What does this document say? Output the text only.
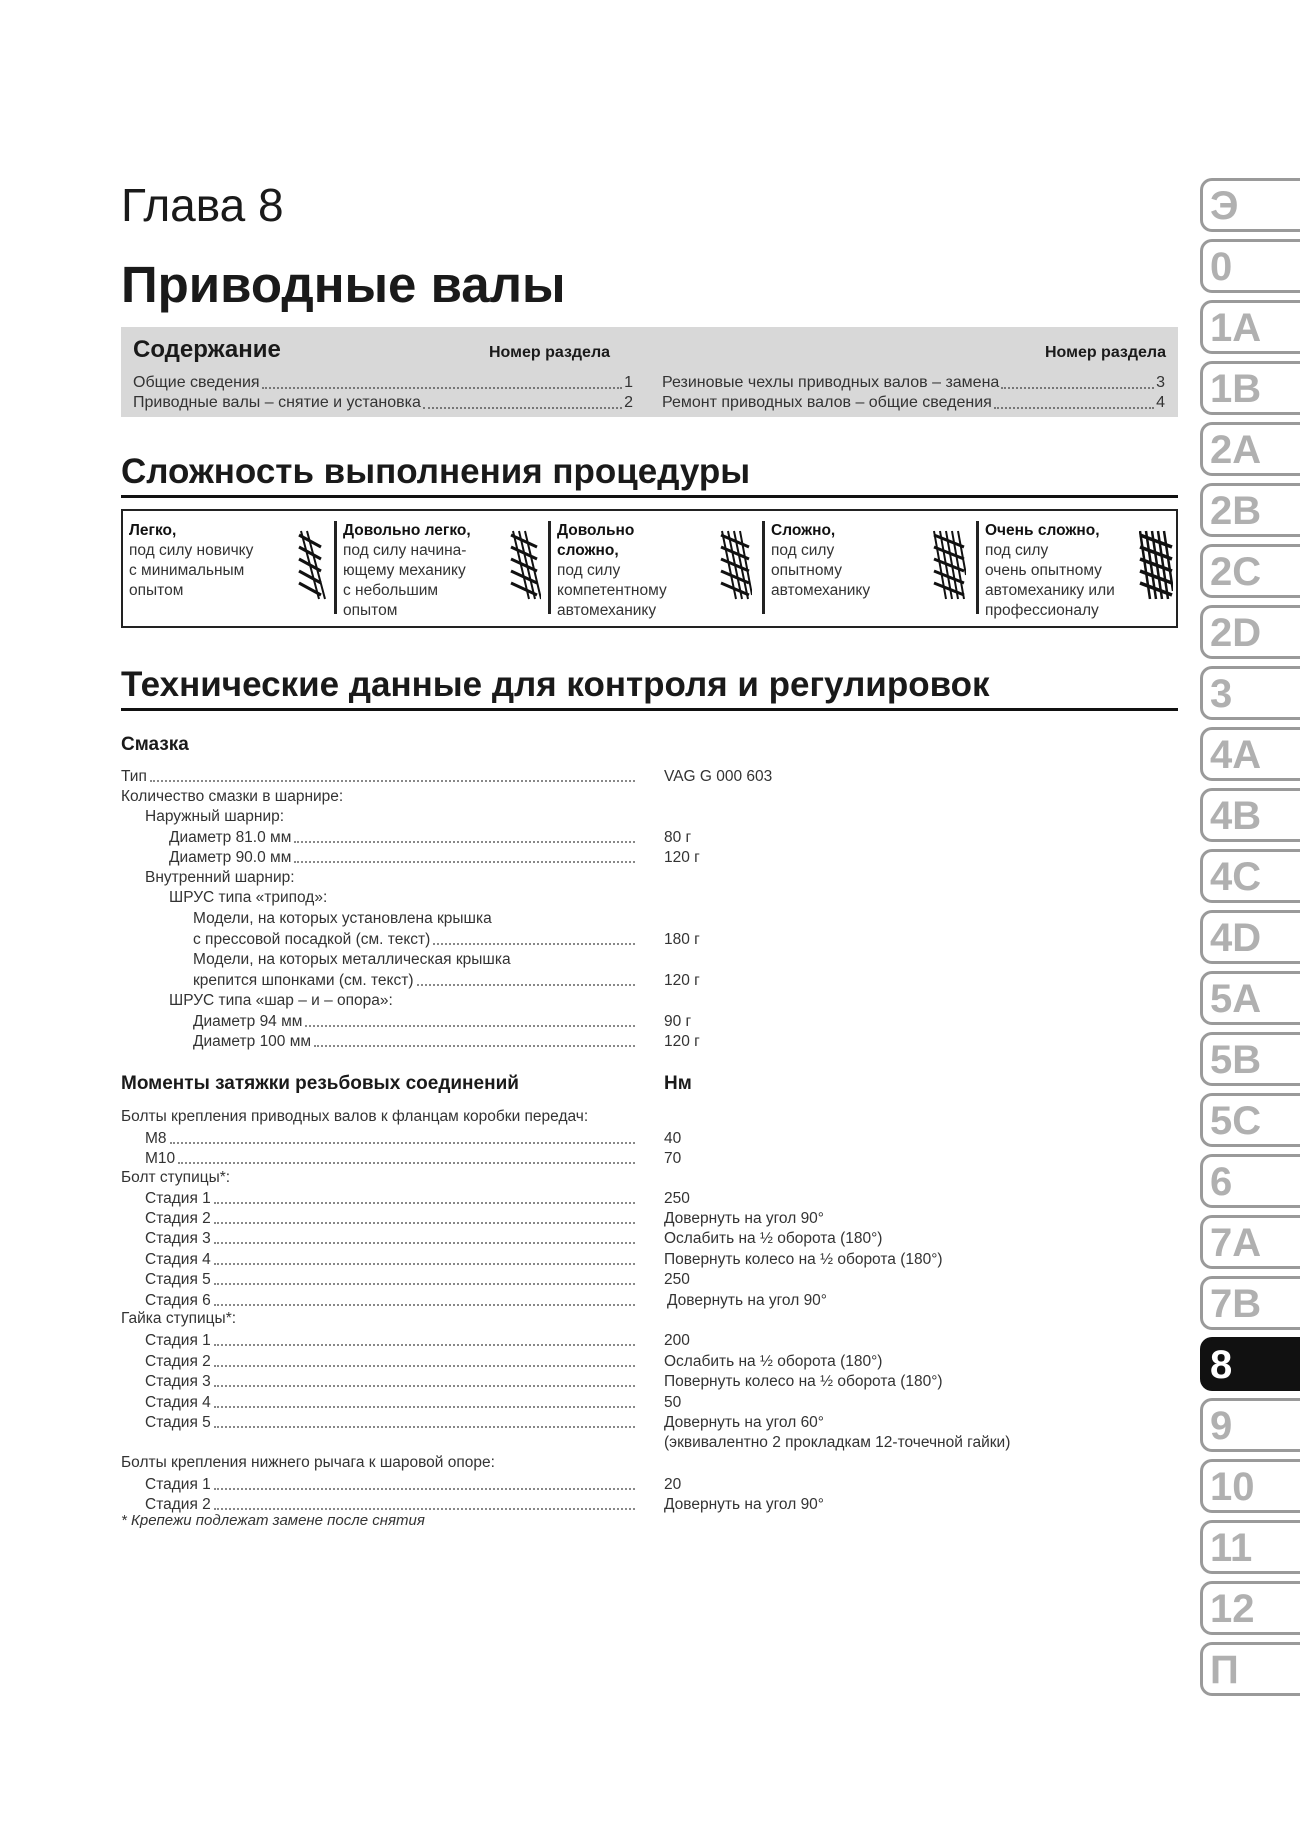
Глава 8
Приводные валы
Содержание	Номер раздела	Номер раздела
Общие сведения	1
Приводные валы – снятие и установка	2
Резиновые чехлы приводных валов – замена	3
Ремонт приводных валов – общие сведения	4
Сложность выполнения процедуры
Легко,
под силу новичку
с минимальным
опытом
Довольно легко,
под силу начина-
ющему механику
с небольшим
опытом
Довольно
сложно,
под силу
компетентному
автомеханику
Сложно,
под силу
опытному
автомеханику
Очень сложно,
под силу
очень опытному
автомеханику или
профессионалу
Технические данные для контроля и регулировок
Смазка
Тип	VAG G 000 603
Количество смазки в шарнире:
Наружный шарнир:
Диаметр 81.0 мм	80 г
Диаметр 90.0 мм	120 г
Внутренний шарнир:
ШРУС типа «трипод»:
Модели, на которых установлена крышка
с прессовой посадкой (см. текст)	180 г
Модели, на которых металлическая крышка
крепится шпонками (см. текст)	120 г
ШРУС типа «шар – и – опора»:
Диаметр 94 мм	90 г
Диаметр 100 мм	120 г
Моменты затяжки резьбовых соединений	Нм
Болты крепления приводных валов к фланцам коробки передач:
M8	40
M10	70
Болт ступицы*:
Стадия 1	250
Стадия 2	Довернуть на угол 90°
Стадия 3	Ослабить на ½ оборота (180°)
Стадия 4	Повернуть колесо на ½ оборота (180°)
Стадия 5	250
Стадия 6	Довернуть на угол 90°
Гайка ступицы*:
Стадия 1	200
Стадия 2	Ослабить на ½ оборота (180°)
Стадия 3	Повернуть колесо на ½ оборота (180°)
Стадия 4	50
Стадия 5	Довернуть на угол 60°
(эквивалентно 2 прокладкам 12-точечной гайки)
Болты крепления нижнего рычага к шаровой опоре:
Стадия 1	20
Стадия 2	Довернуть на угол 90°
* Крепежи подлежат замене после снятия
Э
0
1A
1B
2A
2B
2C
2D
3
4A
4B
4C
4D
5A
5B
5C
6
7A
7B
8
9
10
11
12
П
